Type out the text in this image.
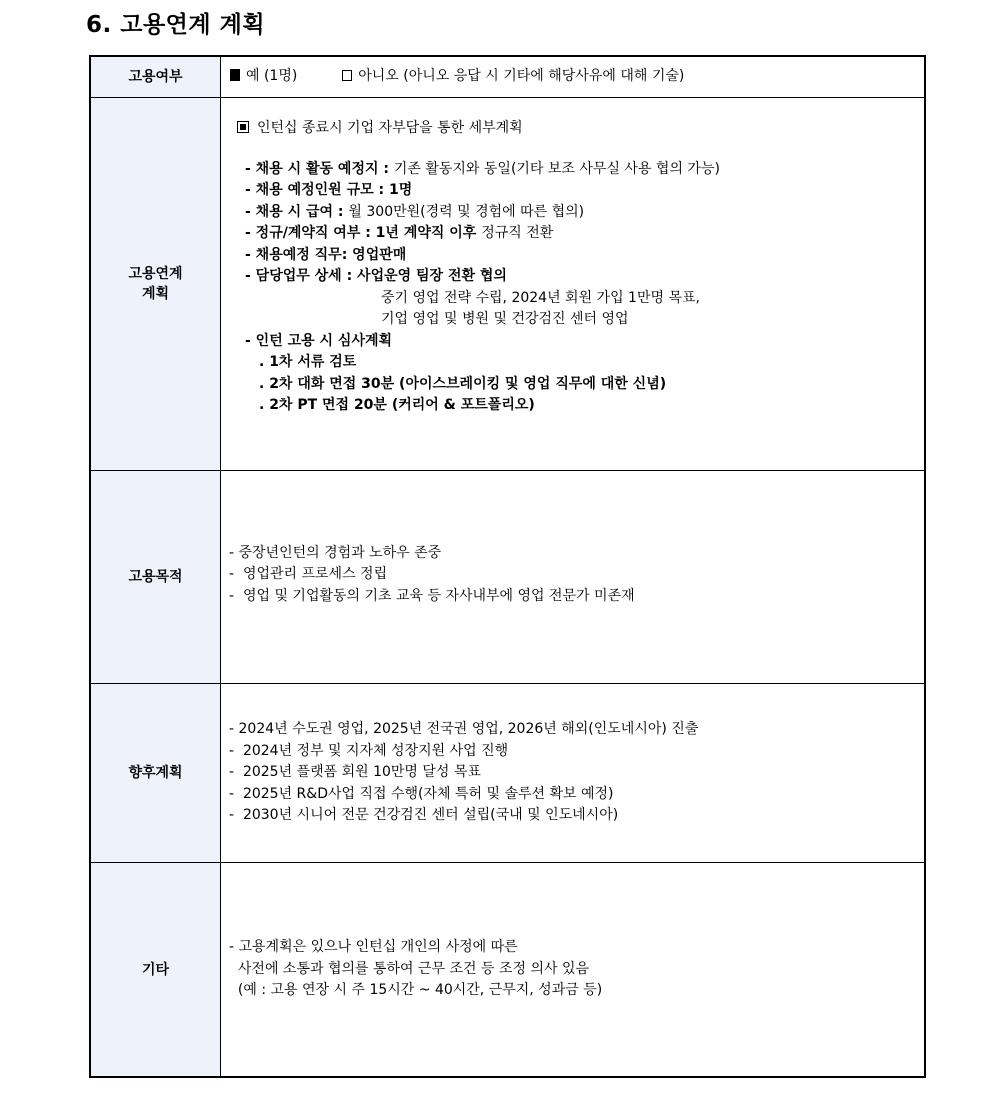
6. 고용연계 계획
고용여부	예 (1명)	아니오 (아니오 응답 시 기타에 해당사유에 대해 기술)
고용연계
계획
인턴십 종료시 기업 자부담을 통한 세부계획
- 채용 시 활동 예정지 : 기존 활동지와 동일(기타 보조 사무실 사용 협의 가능)
- 채용 예정인원 규모 : 1명
- 채용 시 급여 : 월 300만원(경력 및 경험에 따른 협의)
- 정규/계약직 여부 : 1년 계약직 이후 정규직 전환
- 채용예정 직무: 영업판매
- 담당업무 상세 : 사업운영 팀장 전환 협의
중기 영업 전략 수립, 2024년 회원 가입 1만명 목표,
기업 영업 및 병원 및 건강검진 센터 영업
- 인턴 고용 시 심사계획
. 1차 서류 검토
. 2차 대화 면접 30분 (아이스브레이킹 및 영업 직무에 대한 신념)
. 2차 PT 면접 20분 (커리어 & 포트폴리오)
고용목적
- 중장년인턴의 경험과 노하우 존중
-  영업관리 프로세스 정립
-  영업 및 기업활동의 기초 교육 등 자사내부에 영업 전문가 미존재
향후계획
- 2024년 수도권 영업, 2025년 전국권 영업, 2026년 해외(인도네시아) 진출
-  2024년 정부 및 지자체 성장지원 사업 진행
-  2025년 플랫폼 회원 10만명 달성 목표
-  2025년 R&D사업 직접 수행(자체 특허 및 솔루션 확보 예정)
-  2030년 시니어 전문 건강검진 센터 설립(국내 및 인도네시아)
기타
- 고용계획은 있으나 인턴십 개인의 사정에 따른
사전에 소통과 협의를 통하여 근무 조건 등 조정 의사 있음
(예 : 고용 연장 시 주 15시간 ~ 40시간, 근무지, 성과금 등)
